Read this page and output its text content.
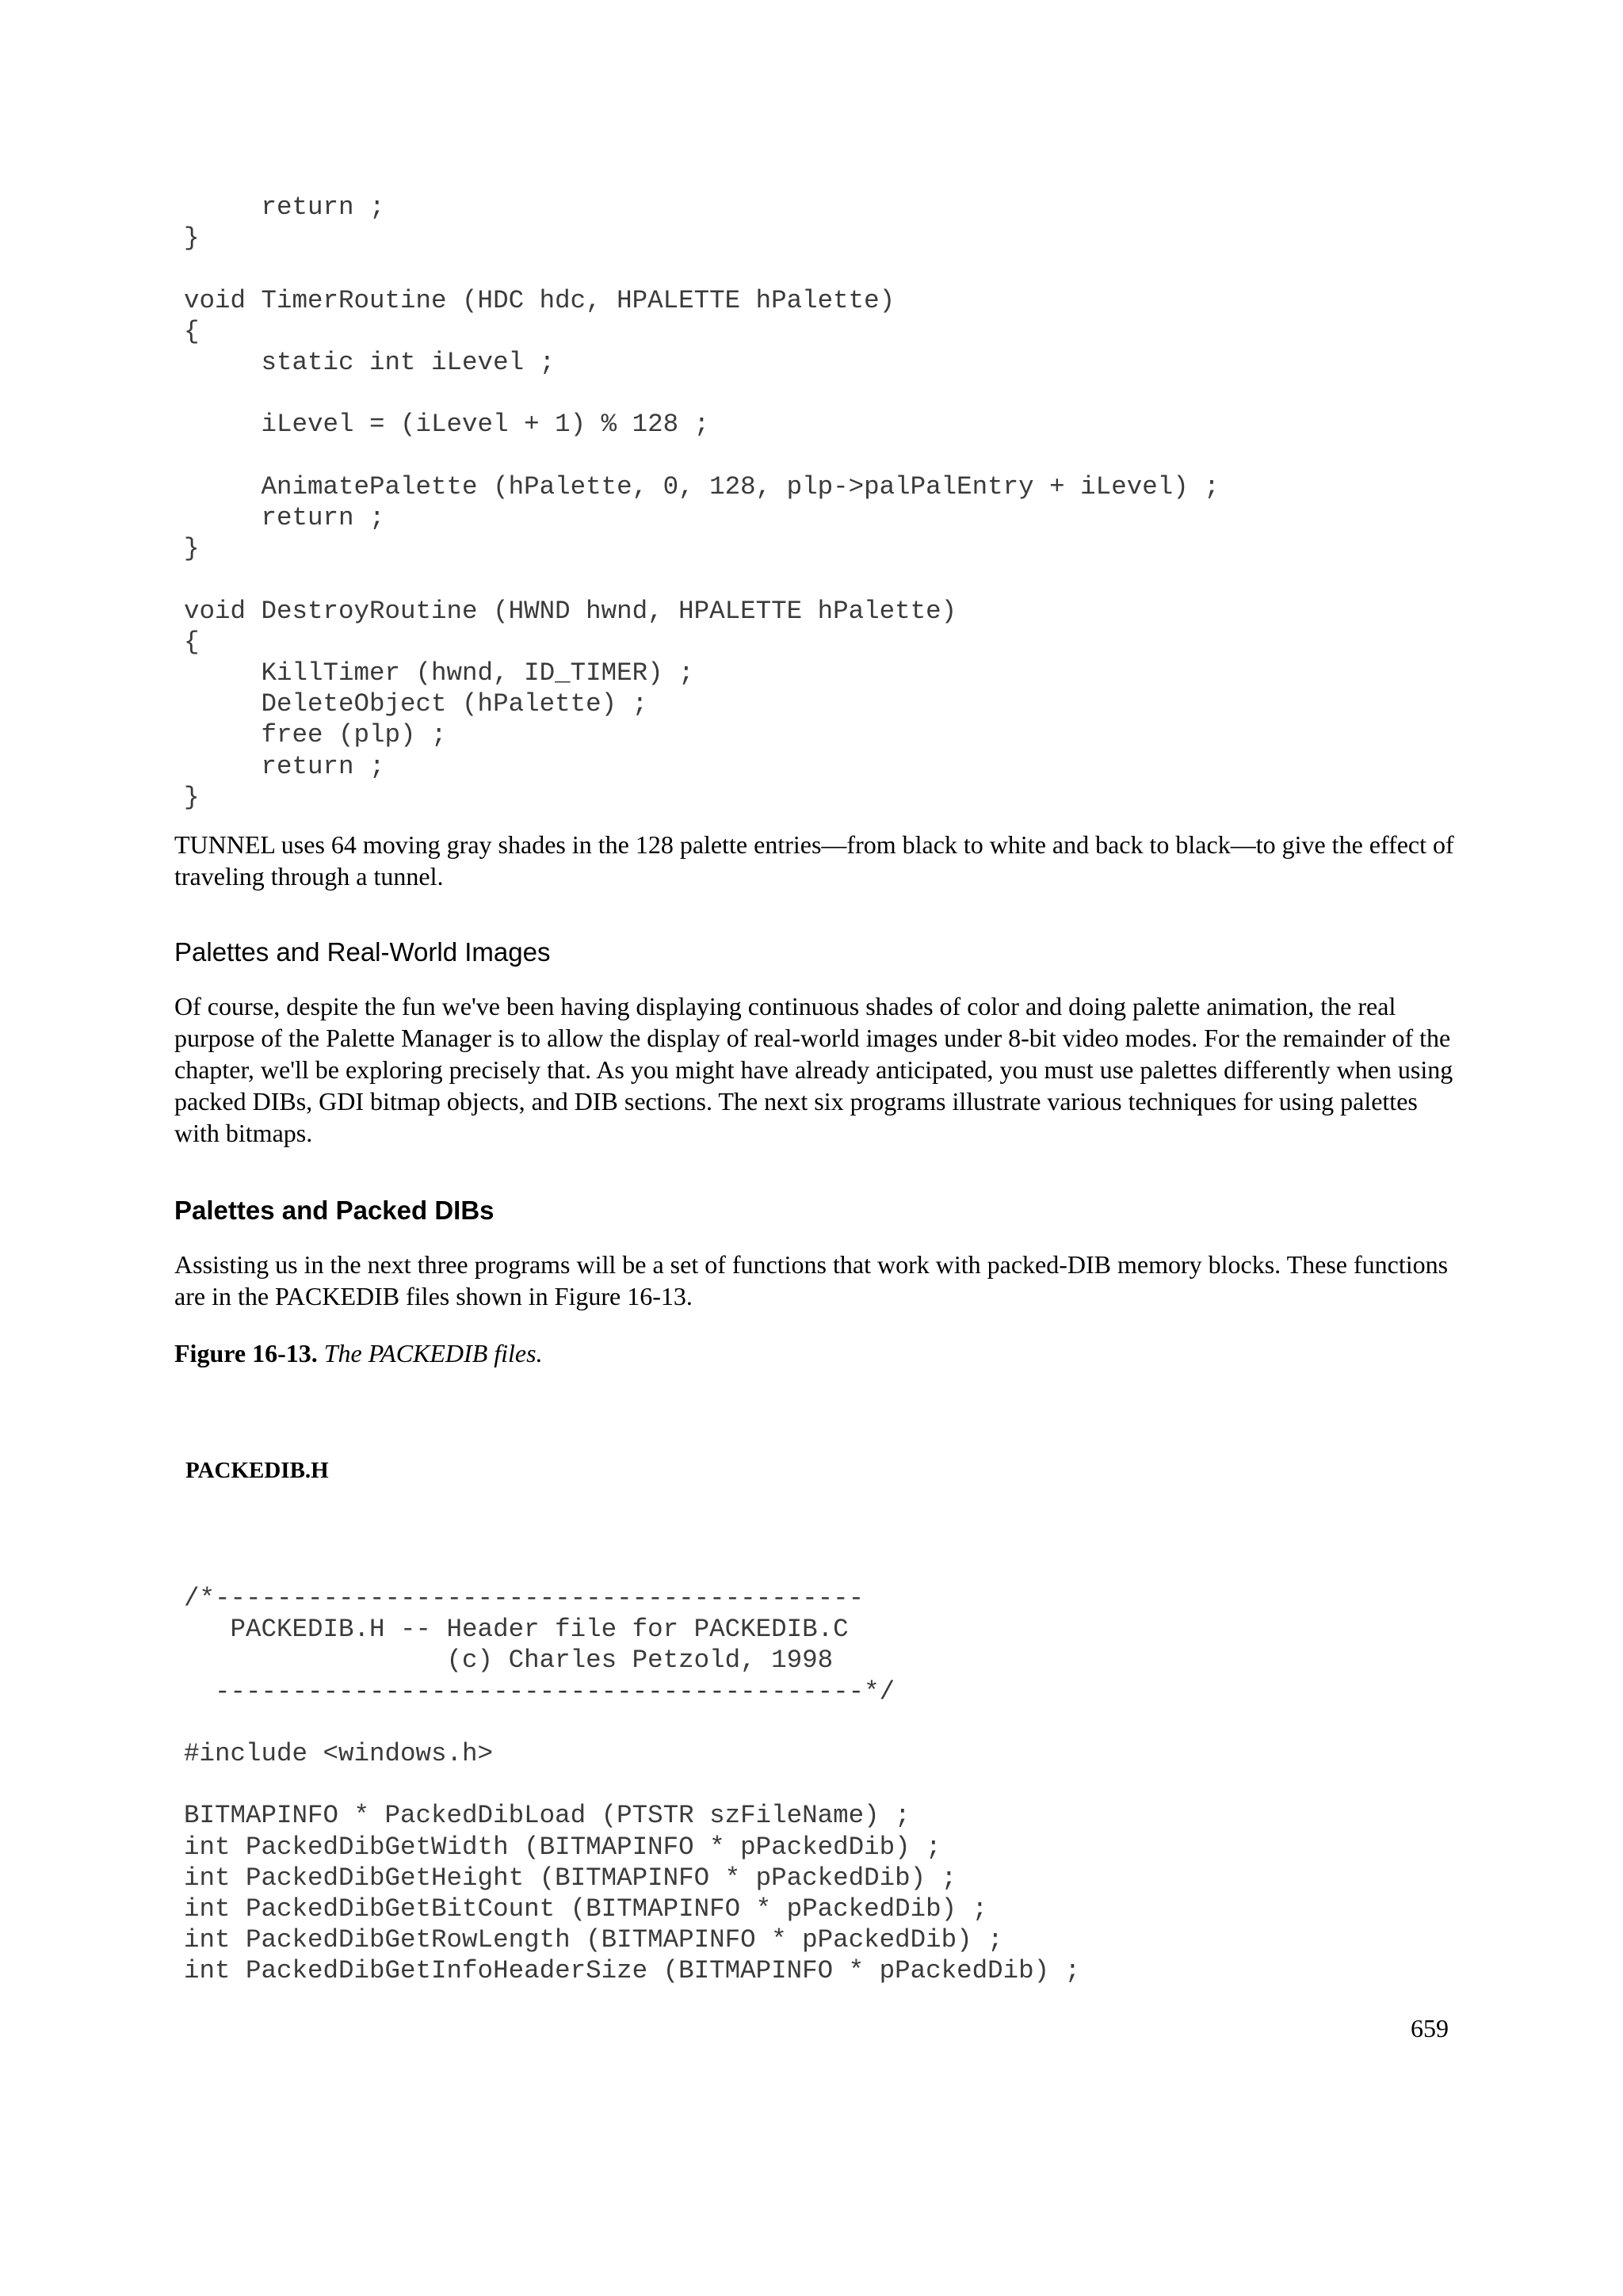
return ;
}

void TimerRoutine (HDC hdc, HPALETTE hPalette)
{
static int iLevel ;

iLevel = (iLevel + 1) % 128 ;

AnimatePalette (hPalette, 0, 128, plp->palPalEntry + iLevel) ;
return ;
}

void DestroyRoutine (HWND hwnd, HPALETTE hPalette)
{
KillTimer (hwnd, ID_TIMER) ;
DeleteObject (hPalette) ;
free (plp) ;
return ;
}

TUNNEL uses 64 moving gray shades in the 128 palette entries—from black to white and back to black—to give the effect of traveling through a tunnel.

Palettes and Real-World Images

Of course, despite the fun we've been having displaying continuous shades of color and doing palette animation, the real purpose of the Palette Manager is to allow the display of real-world images under 8-bit video modes. For the remainder of the chapter, we'll be exploring precisely that. As you might have already anticipated, you must use palettes differently when using packed DIBs, GDI bitmap objects, and DIB sections. The next six programs illustrate various techniques for using palettes with bitmaps.

Palettes and Packed DIBs

Assisting us in the next three programs will be a set of functions that work with packed-DIB memory blocks. These functions are in the PACKEDIB files shown in Figure 16-13.

Figure 16-13. The PACKEDIB files.

PACKEDIB.H

/*------------------------------------------
PACKEDIB.H -- Header file for PACKEDIB.C
(c) Charles Petzold, 1998
------------------------------------------*/

#include <windows.h>

BITMAPINFO * PackedDibLoad (PTSTR szFileName) ;
int PackedDibGetWidth (BITMAPINFO * pPackedDib) ;
int PackedDibGetHeight (BITMAPINFO * pPackedDib) ;
int PackedDibGetBitCount (BITMAPINFO * pPackedDib) ;
int PackedDibGetRowLength (BITMAPINFO * pPackedDib) ;
int PackedDibGetInfoHeaderSize (BITMAPINFO * pPackedDib) ;

659
